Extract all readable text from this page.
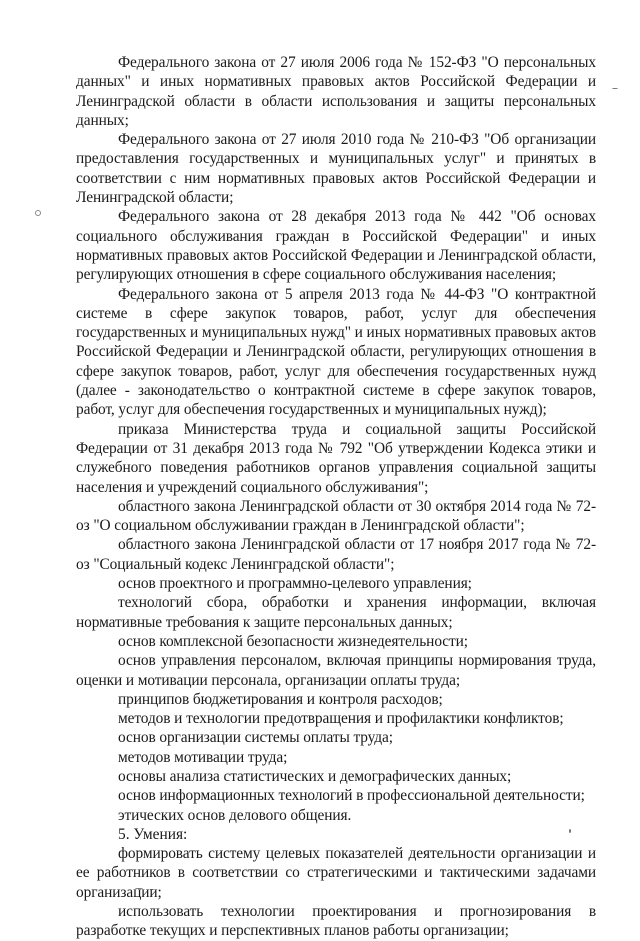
Федерального закона от 27 июля 2006 года № 152-ФЗ "О персональных данных" и иных нормативных правовых актов Российской Федерации и Ленинградской области в области использования и защиты персональных данных;

Федерального закона от 27 июля 2010 года № 210-ФЗ "Об организации предоставления государственных и муниципальных услуг" и принятых в соответствии с ним нормативных правовых актов Российской Федерации и Ленинградской области;

Федерального закона от 28 декабря 2013 года № 442 "Об основах социального обслуживания граждан в Российской Федерации" и иных нормативных правовых актов Российской Федерации и Ленинградской области, регулирующих отношения в сфере социального обслуживания населения;

Федерального закона от 5 апреля 2013 года № 44-ФЗ "О контрактной системе в сфере закупок товаров, работ, услуг для обеспечения государственных и муниципальных нужд" и иных нормативных правовых актов Российской Федерации и Ленинградской области, регулирующих отношения в сфере закупок товаров, работ, услуг для обеспечения государственных нужд (далее - законодательство о контрактной системе в сфере закупок товаров, работ, услуг для обеспечения государственных и муниципальных нужд);

приказа Министерства труда и социальной защиты Российской Федерации от 31 декабря 2013 года № 792 "Об утверждении Кодекса этики и служебного поведения работников органов управления социальной защиты населения и учреждений социального обслуживания";

областного закона Ленинградской области от 30 октября 2014 года № 72-оз "О социальном обслуживании граждан в Ленинградской области";

областного закона Ленинградской области от 17 ноября 2017 года № 72-оз "Социальный кодекс Ленинградской области";

основ проектного и программно-целевого управления;

технологий сбора, обработки и хранения информации, включая нормативные требования к защите персональных данных;

основ комплексной безопасности жизнедеятельности;

основ управления персоналом, включая принципы нормирования труда, оценки и мотивации персонала, организации оплаты труда;

принципов бюджетирования и контроля расходов;

методов и технологии предотвращения и профилактики конфликтов;

основ организации системы оплаты труда;

методов мотивации труда;

основы анализа статистических и демографических данных;

основ информационных технологий в профессиональной деятельности;

этических основ делового общения.

5. Умения:

формировать систему целевых показателей деятельности организации и ее работников в соответствии со стратегическими и тактическими задачами организации;

использовать технологии проектирования и прогнозирования в разработке текущих и перспективных планов работы организации;
